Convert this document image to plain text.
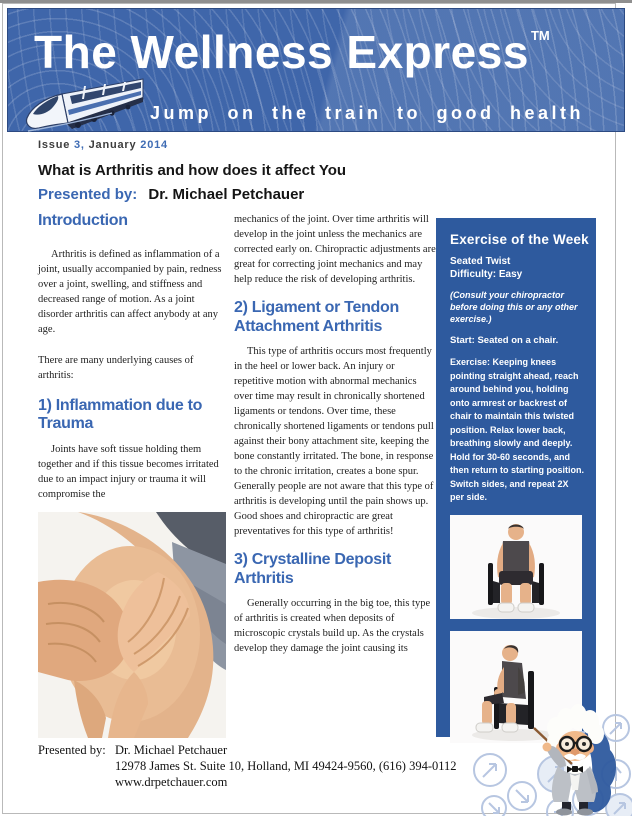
The Wellness Express ™
Jump on the train to good health
Issue 3, January 2014
What is Arthritis and how does it affect You
Presented by: Dr. Michael Petchauer
Introduction

Arthritis is defined as inflammation of a joint, usually accompanied by pain, redness over a joint, swelling, and stiffness and decreased range of motion. As a joint disorder arthritis can affect anybody at any age.

There are many underlying causes of arthritis:

1) Inflammation due to Trauma

Joints have soft tissue holding them together and if this tissue becomes irritated due to an impact injury or trauma it will compromise the

mechanics of the joint. Over time arthritis will develop in the joint unless the mechanics are corrected early on. Chiropractic adjustments are great for correcting joint mechanics and may help reduce the risk of developing arthritis.

2) Ligament or Tendon Attachment Arthritis

This type of arthritis occurs most frequently in the heel or lower back. An injury or repetitive motion with abnormal mechanics over time may result in chronically shortened ligaments or tendons. Over time, these chronically shortened ligaments or tendons pull against their bony attachment site, keeping the bone constantly irritated. The bone, in response to the chronic irritation, creates a bone spur. Generally people are not aware that this type of arthritis is developing until the pain shows up. Good shoes and chiropractic are great preventatives for this type of arthritis!

3) Crystalline Deposit Arthritis

Generally occurring in the big toe, this type of arthritis is created when deposits of microscopic crystals build up. As the crystals develop they damage the joint causing its

Exercise of the Week

Seated Twist

Difficulty: Easy

(Consult your chiropractor before doing this or any other exercise.)

Start: Seated on a chair.

Exercise: Keeping knees pointing straight ahead, reach around behind you, holding onto armrest or backrest of chair to maintain this twisted position. Relax lower back, breathing slowly and deeply. Hold for 30-60 seconds, and then return to starting position. Switch sides, and repeat 2X per side.

Presented by: Dr. Michael Petchauer
12978 James St. Suite 10, Holland, MI 49424-9560, (616) 394-0112
www.drpetchauer.com
